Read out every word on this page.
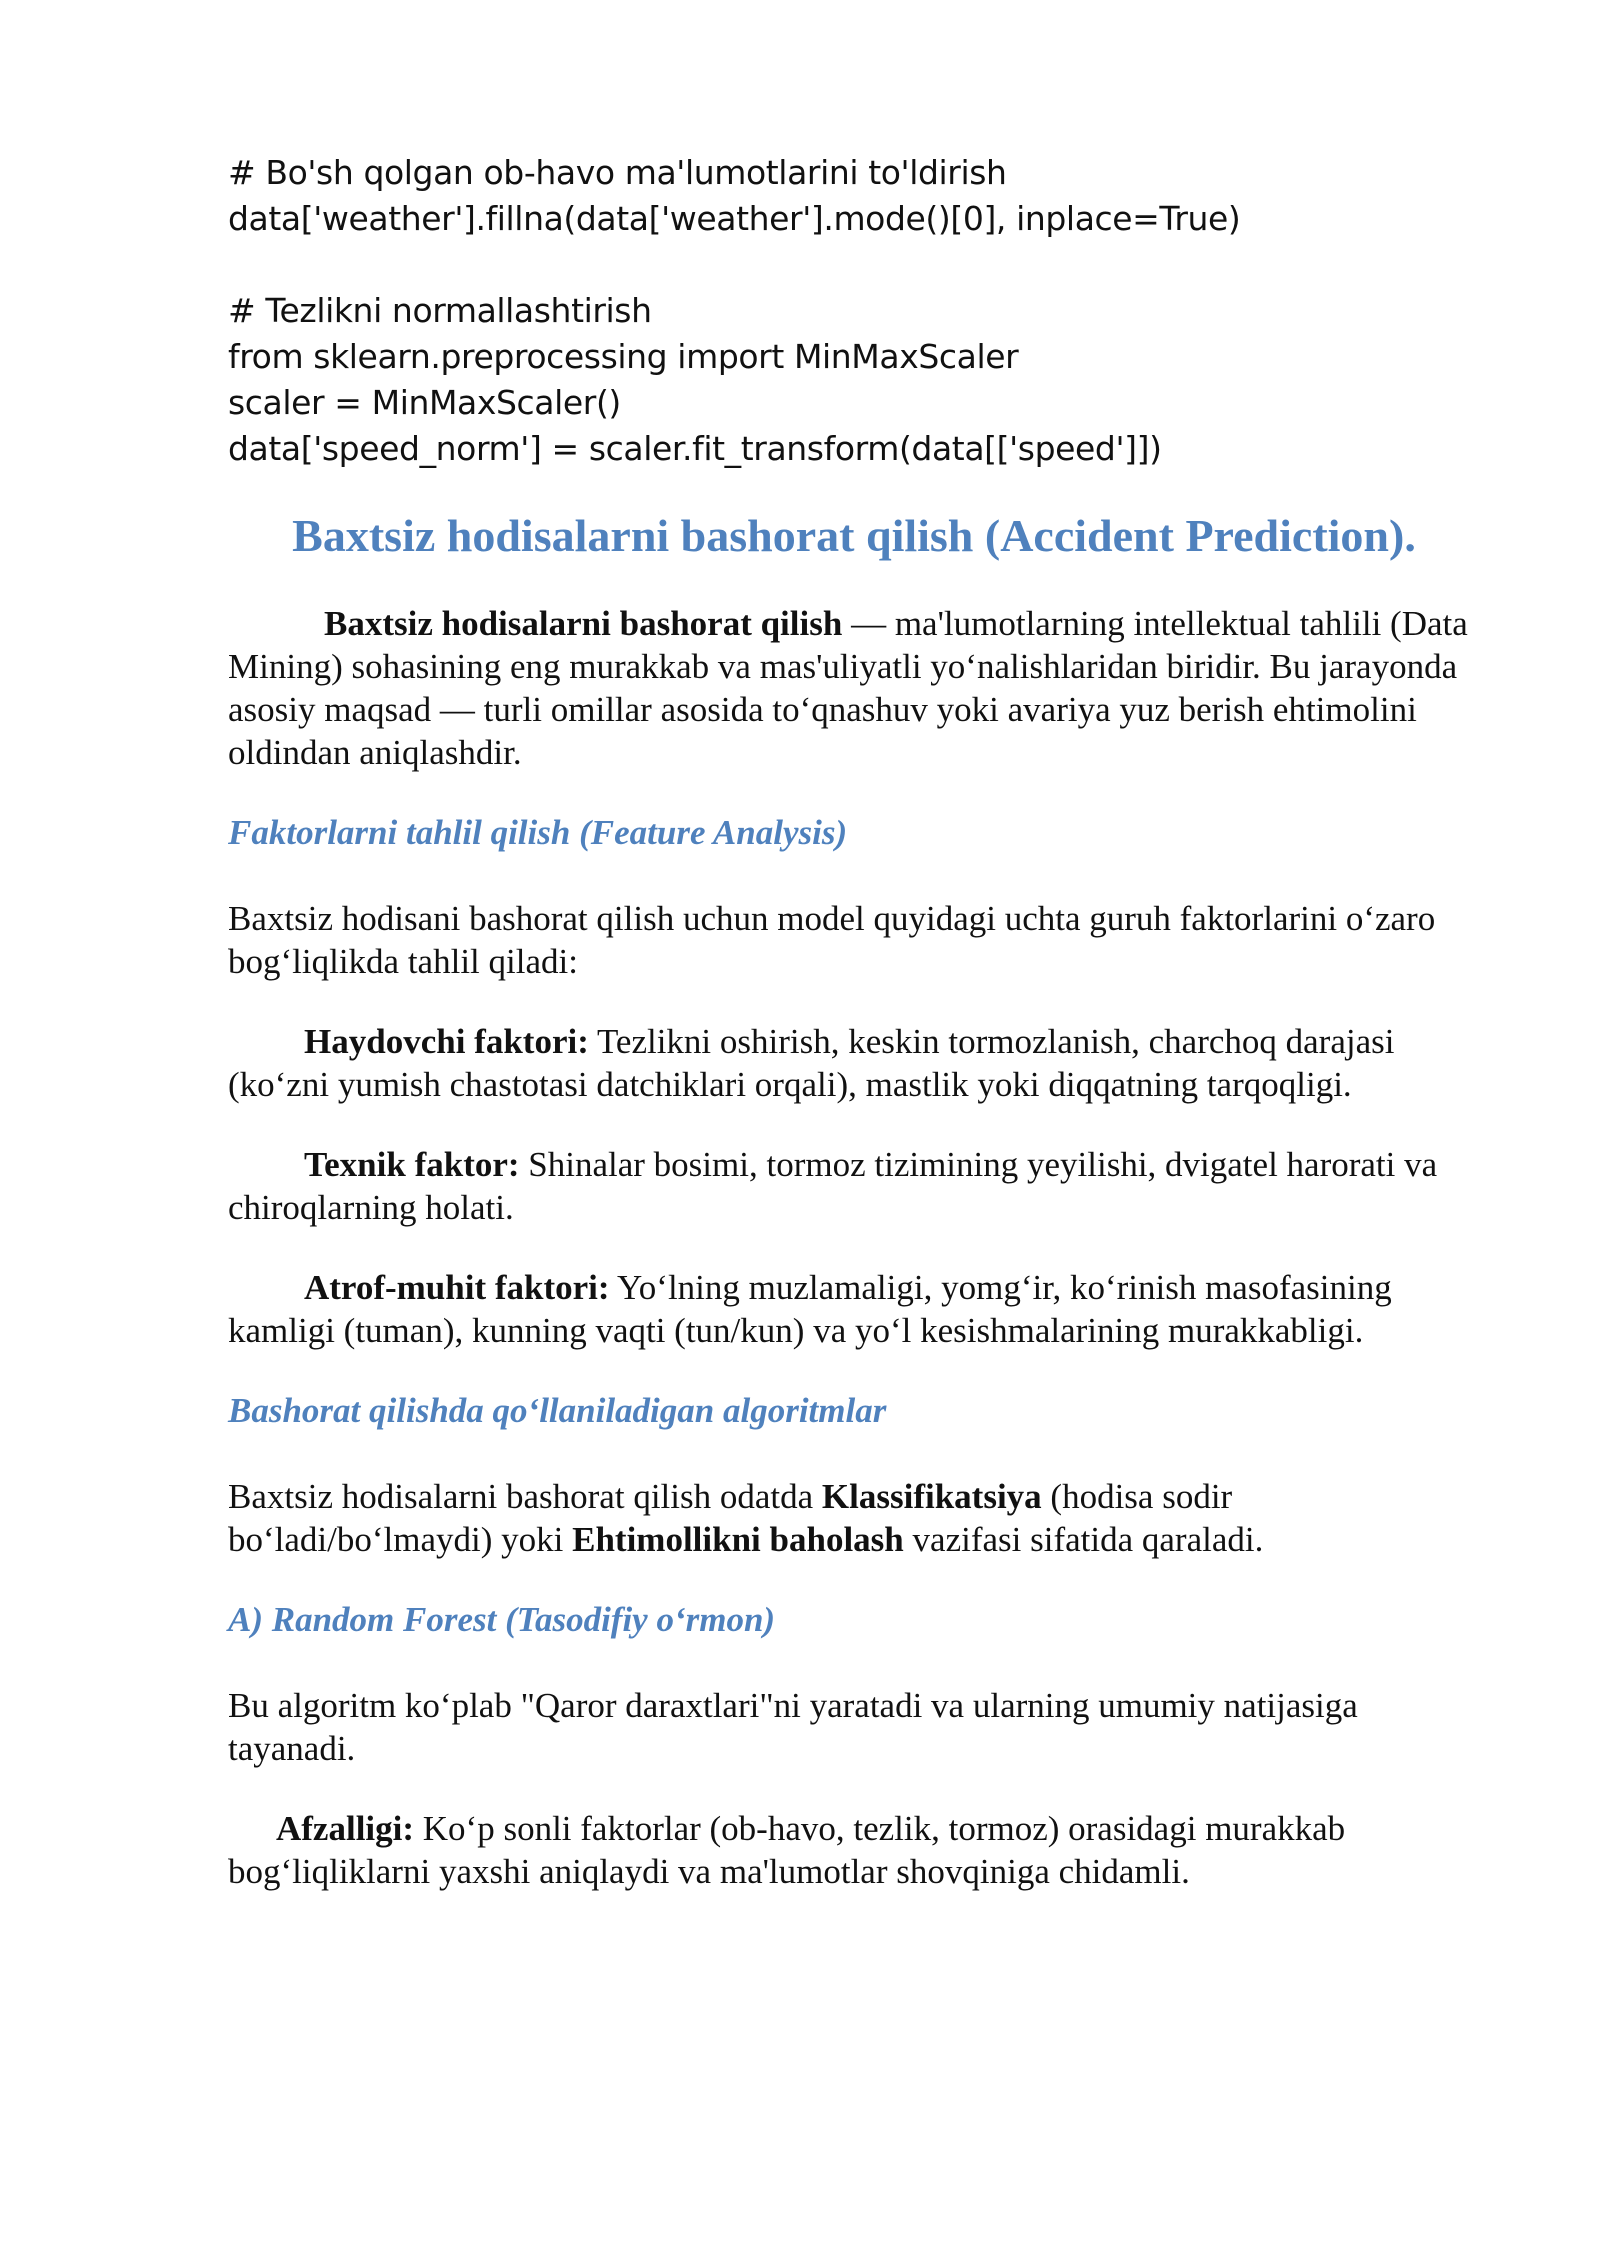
# Bo'sh qolgan ob-havo ma'lumotlarini to'ldirish

data['weather'].fillna(data['weather'].mode()[0], inplace=True)

# Tezlikni normallashtirish

from sklearn.preprocessing import MinMaxScaler

scaler = MinMaxScaler()

data['speed_norm'] = scaler.fit_transform(data[['speed']])

Baxtsiz hodisalarni bashorat qilish (Accident Prediction).

Baxtsiz hodisalarni bashorat qilish — ma'lumotlarning intellektual tahlili (Data Mining) sohasining eng murakkab va mas'uliyatli yo‘nalishlaridan biridir. Bu jarayonda asosiy maqsad — turli omillar asosida to‘qnashuv yoki avariya yuz berish ehtimolini oldindan aniqlashdir.

Faktorlarni tahlil qilish (Feature Analysis)

Baxtsiz hodisani bashorat qilish uchun model quyidagi uchta guruh faktorlarini o‘zaro bog‘liqlikda tahlil qiladi:

Haydovchi faktori: Tezlikni oshirish, keskin tormozlanish, charchoq darajasi (ko‘zni yumish chastotasi datchiklari orqali), mastlik yoki diqqatning tarqoqligi.

Texnik faktor: Shinalar bosimi, tormoz tizimining yeyilishi, dvigatel harorati va chiroqlarning holati.

Atrof-muhit faktori: Yo‘lning muzlamaligi, yomg‘ir, ko‘rinish masofasining kamligi (tuman), kunning vaqti (tun/kun) va yo‘l kesishmalarining murakkabligi.

Bashorat qilishda qo‘llaniladigan algoritmlar

Baxtsiz hodisalarni bashorat qilish odatda Klassifikatsiya (hodisa sodir bo‘ladi/bo‘lmaydi) yoki Ehtimollikni baholash vazifasi sifatida qaraladi.

A) Random Forest (Tasodifiy o‘rmon)

Bu algoritm ko‘plab "Qaror daraxtlari"ni yaratadi va ularning umumiy natijasiga tayanadi.

Afzalligi: Ko‘p sonli faktorlar (ob-havo, tezlik, tormoz) orasidagi murakkab bog‘liqliklarni yaxshi aniqlaydi va ma'lumotlar shovqiniga chidamli.
